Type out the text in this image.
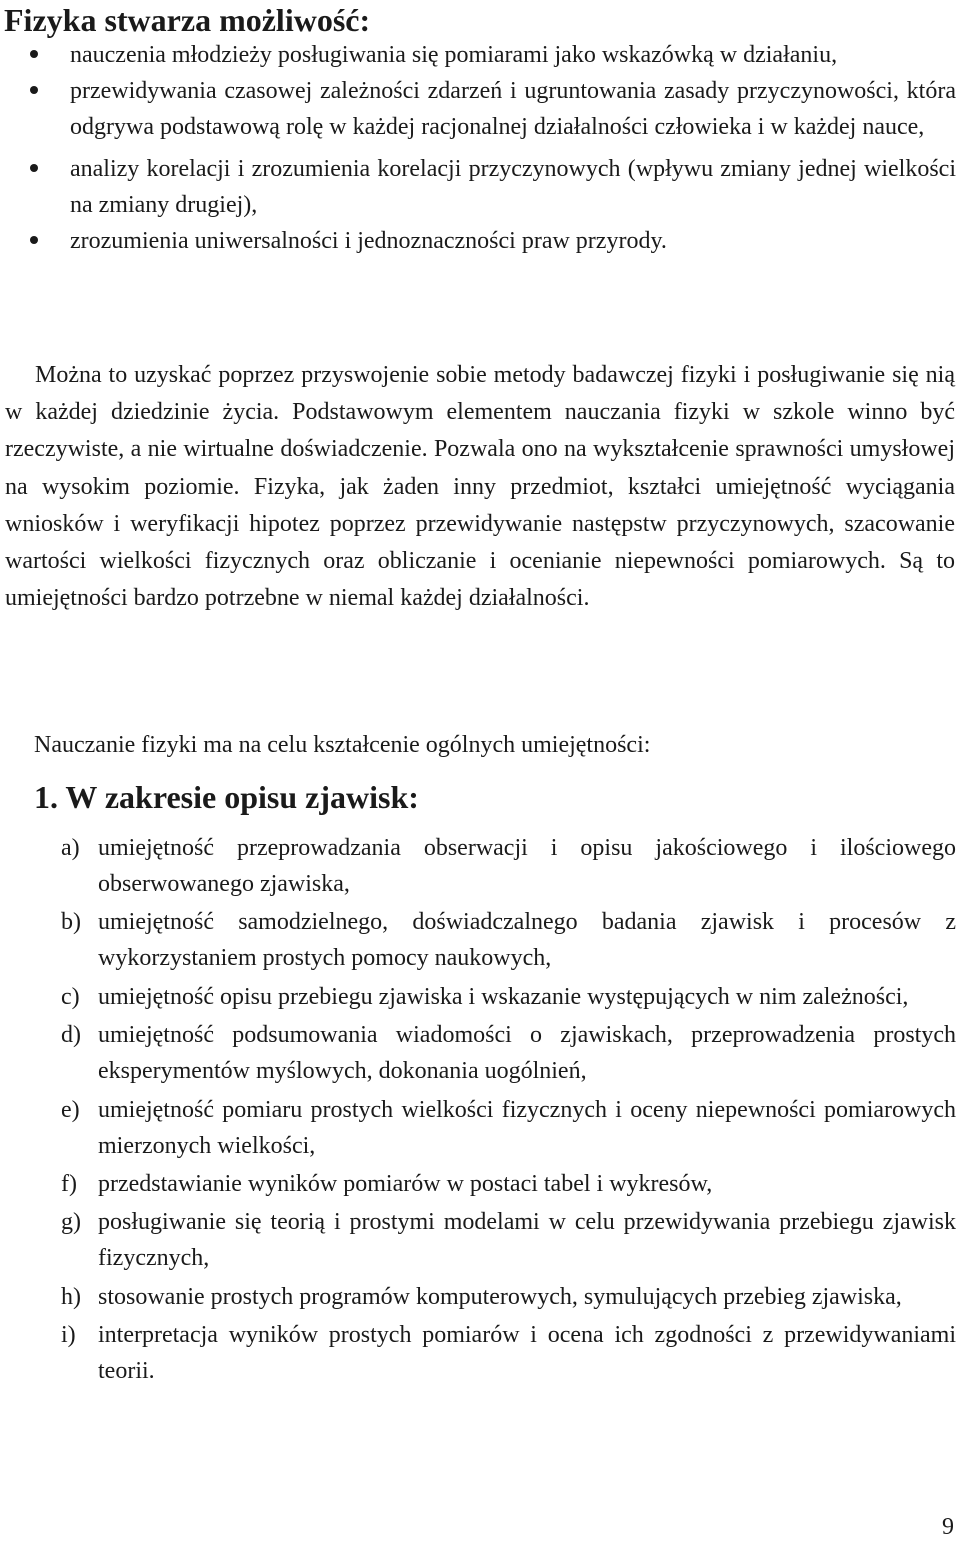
Fizyka stwarza możliwość:
nauczenia młodzieży posługiwania się pomiarami jako wskazówką w działaniu,
przewidywania czasowej zależności zdarzeń i ugruntowania zasady przyczynowości, która odgrywa podstawową rolę w każdej racjonalnej działalności człowieka i w każdej nauce,
analizy korelacji i zrozumienia korelacji przyczynowych (wpływu zmiany jednej wielkości na zmiany drugiej),
zrozumienia uniwersalności i jednoznaczności praw przyrody.
Można to uzyskać poprzez przyswojenie sobie metody badawczej fizyki i posługiwanie się nią w każdej dziedzinie życia. Podstawowym elementem nauczania fizyki w szkole winno być rzeczywiste, a nie wirtualne doświadczenie. Pozwala ono na wykształcenie sprawności umysłowej na wysokim poziomie. Fizyka, jak żaden inny przedmiot, kształci umiejętność wyciągania wniosków i weryfikacji hipotez poprzez przewidywanie następstw przyczynowych, szacowanie wartości wielkości fizycznych oraz obliczanie i ocenianie niepewności pomiarowych. Są to umiejętności bardzo potrzebne w niemal każdej działalności.
Nauczanie fizyki ma na celu kształcenie ogólnych umiejętności:
1. W zakresie opisu zjawisk:
a) umiejętność przeprowadzania obserwacji i opisu jakościowego i ilościowego obserwowanego zjawiska,
b) umiejętność samodzielnego, doświadczalnego badania zjawisk i procesów z wykorzystaniem prostych pomocy naukowych,
c) umiejętność opisu przebiegu zjawiska i wskazanie występujących w nim zależności,
d) umiejętność podsumowania wiadomości o zjawiskach, przeprowadzenia prostych eksperymentów myślowych, dokonania uogólnień,
e) umiejętność pomiaru prostych wielkości fizycznych i oceny niepewności pomiarowych mierzonych wielkości,
f) przedstawianie wyników pomiarów w postaci tabel i wykresów,
g) posługiwanie się teorią i prostymi modelami w celu przewidywania przebiegu zjawisk fizycznych,
h) stosowanie prostych programów komputerowych, symulujących przebieg zjawiska,
i) interpretacja wyników prostych pomiarów i ocena ich zgodności z przewidywaniami teorii.
9
